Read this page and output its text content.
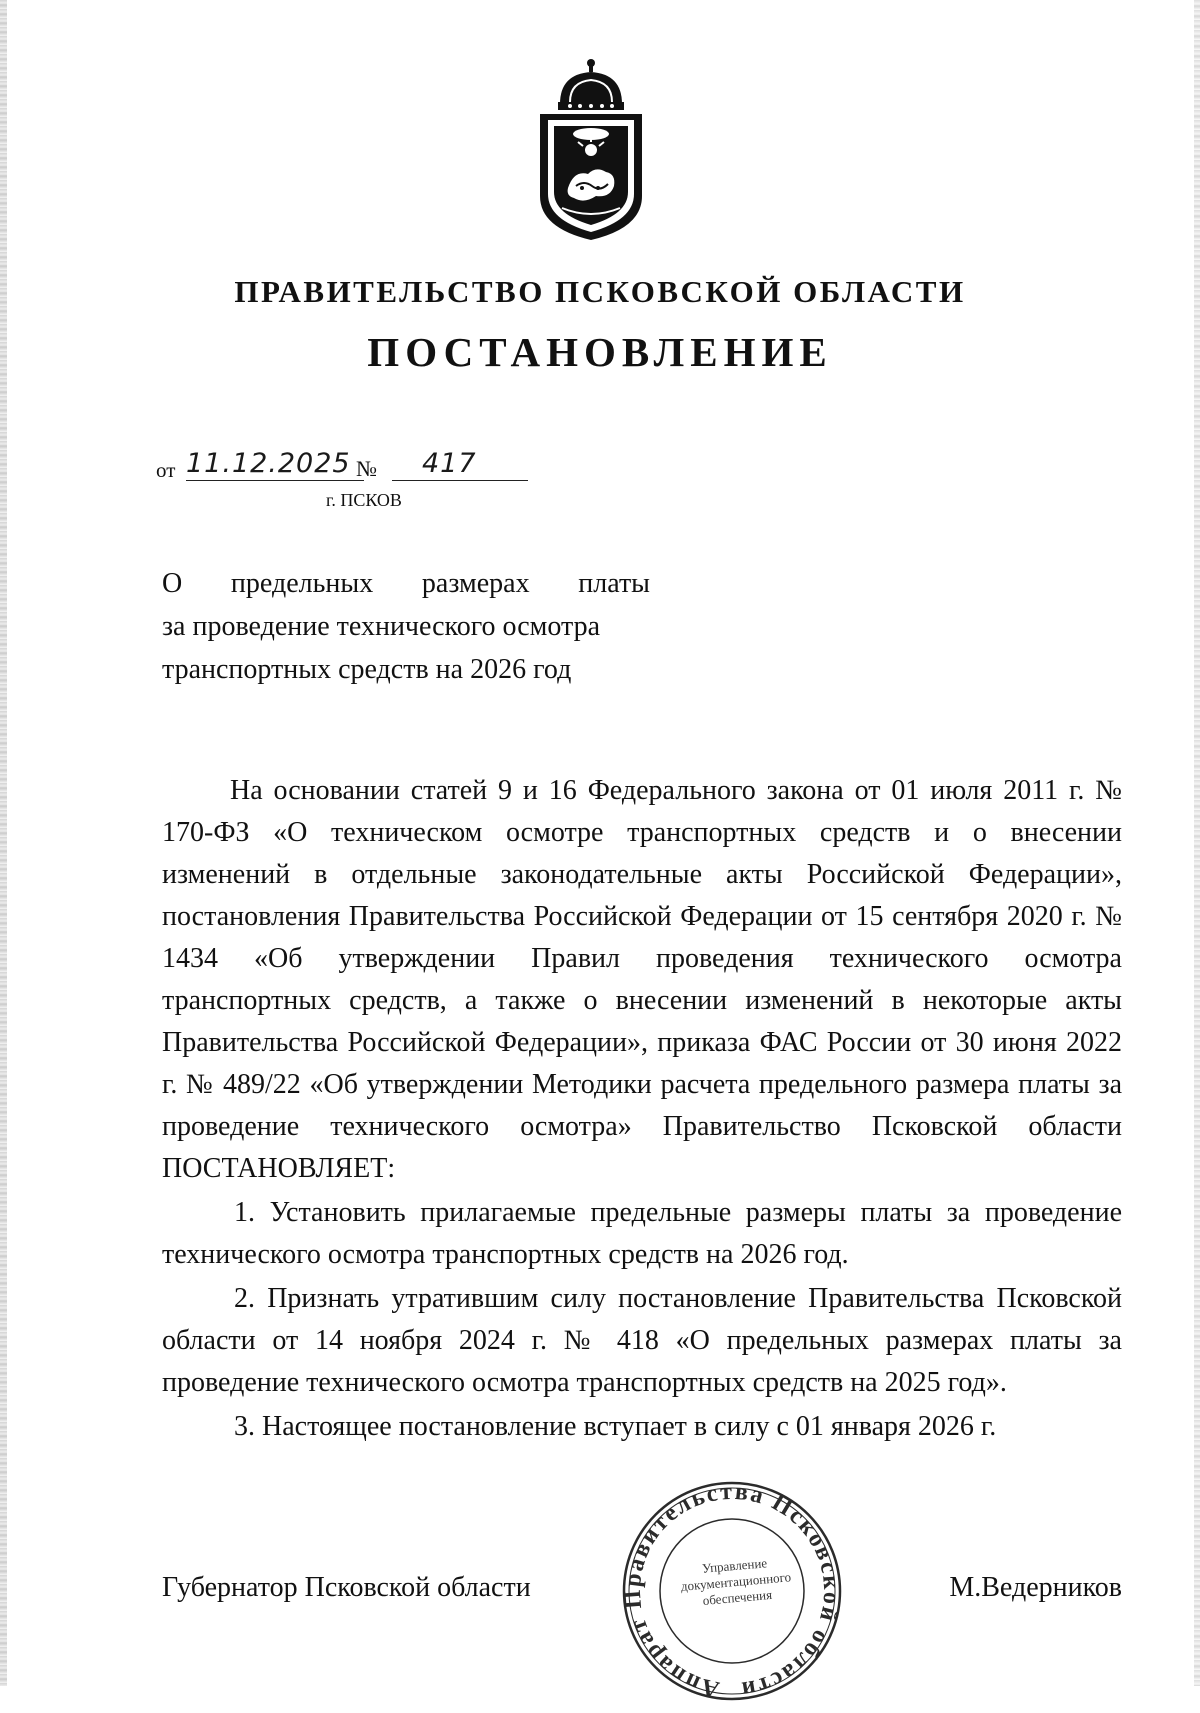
ПРАВИТЕЛЬСТВО ПСКОВСКОЙ ОБЛАСТИ
ПОСТАНОВЛЕНИЕ
от 11.12.2025 № 417
г. ПСКОВ
О предельных размерах платы
за проведение технического осмотра
транспортных средств на 2026 год

На основании статей 9 и 16 Федерального закона от 01 июля 2011 г. № 170-ФЗ «О техническом осмотре транспортных средств и о внесении изменений в отдельные законодательные акты Российской Федерации», постановления Правительства Российской Федерации от 15 сентября 2020 г. № 1434 «Об утверждении Правил проведения технического осмотра транспортных средств, а также о внесении изменений в некоторые акты Правительства Российской Федерации», приказа ФАС России от 30 июня 2022 г. № 489/22 «Об утверждении Методики расчета предельного размера платы за проведение технического осмотра» Правительство Псковской области ПОСТАНОВЛЯЕТ:

1. Установить прилагаемые предельные размеры платы за проведение технического осмотра транспортных средств на 2026 год.

2. Признать утратившим силу постановление Правительства Псковской области от 14 ноября 2024 г. № 418 «О предельных размерах платы за проведение технического осмотра транспортных средств на 2025 год».

3. Настоящее постановление вступает в силу с 01 января 2026 г.

Аппарат Правительства Псковской области
Управление документационного обеспечения
Губернатор Псковской области	М.Ведерников
